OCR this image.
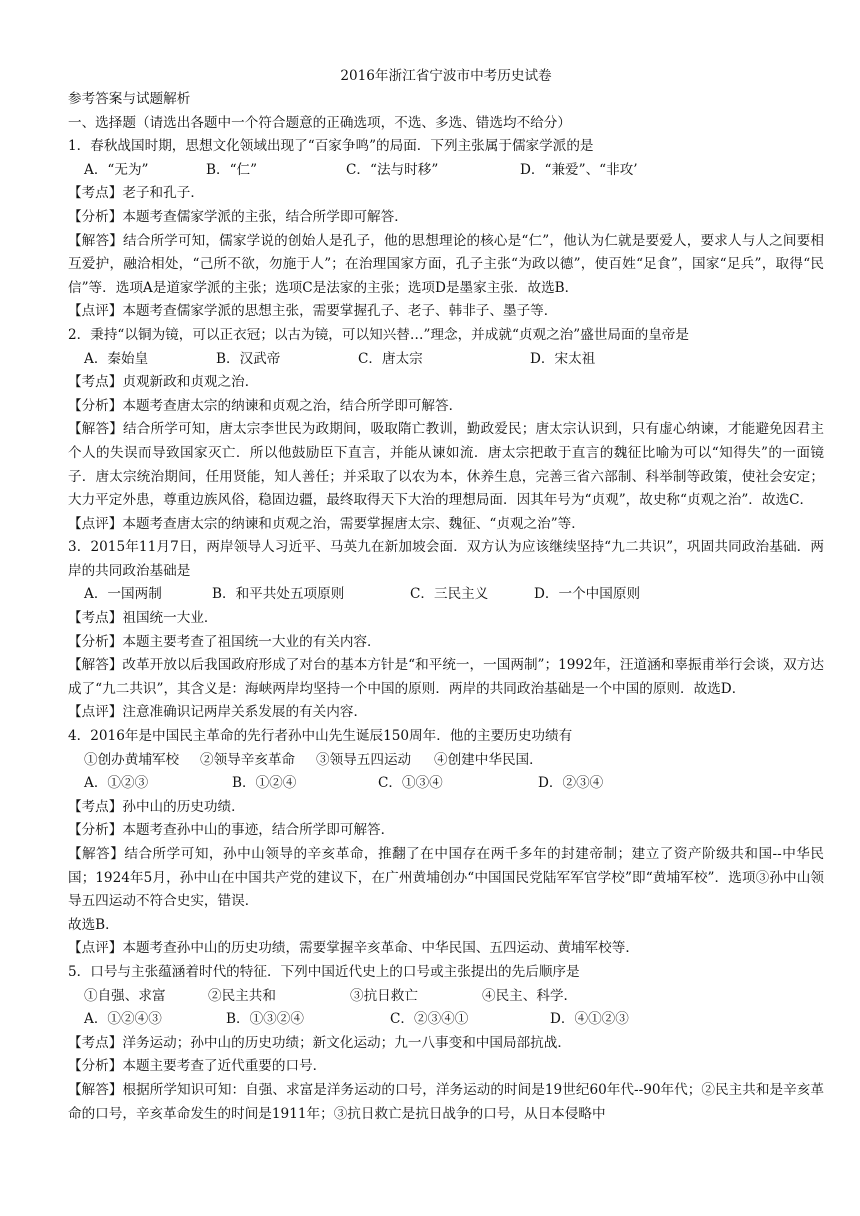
2016年浙江省宁波市中考历史试卷

参考答案与试题解析

一、选择题（请选出各题中一个符合题意的正确选项，不选、多选、错选均不给分）

1．春秋战国时期，思想文化领域出现了“百家争鸣”的局面．下列主张属于儒家学派的是

A．“无为”	B．“仁”	C．“法与时移”	D．“兼爱”、“非攻’

【考点】老子和孔子．

【分析】本题考查儒家学派的主张，结合所学即可解答．

【解答】结合所学可知，儒家学说的创始人是孔子，他的思想理论的核心是“仁”，他认为仁就是要爱人，要求人与人之间要相互爱护，融洽相处，“己所不欲，勿施于人”；在治理国家方面，孔子主张“为政以德”，使百姓“足食”，国家“足兵”，取得“民信”等．选项A是道家学派的主张；选项C是法家的主张；选项D是墨家主张．故选B．

【点评】本题考查儒家学派的思想主张，需要掌握孔子、老子、韩非子、墨子等．

2．秉持“以铜为镜，可以正衣冠；以古为镜，可以知兴替…”理念，并成就“贞观之治”盛世局面的皇帝是

A．秦始皇	B．汉武帝	C．唐太宗	D．宋太祖

【考点】贞观新政和贞观之治．

【分析】本题考查唐太宗的纳谏和贞观之治，结合所学即可解答．

【解答】结合所学可知，唐太宗李世民为政期间，吸取隋亡教训，勤政爱民；唐太宗认识到，只有虚心纳谏，才能避免因君主个人的失误而导致国家灭亡．所以他鼓励臣下直言，并能从谏如流．唐太宗把敢于直言的魏征比喻为可以“知得失”的一面镜子．唐太宗统治期间，任用贤能，知人善任；并采取了以农为本，休养生息，完善三省六部制、科举制等政策，使社会安定；大力平定外患，尊重边族风俗，稳固边疆，最终取得天下大治的理想局面．因其年号为“贞观”，故史称“贞观之治”．故选C．

【点评】本题考查唐太宗的纳谏和贞观之治，需要掌握唐太宗、魏征、“贞观之治”等．

3．2015年11月7日，两岸领导人习近平、马英九在新加坡会面．双方认为应该继续坚持“九二共识”，巩固共同政治基础．两岸的共同政治基础是

A．一国两制	B．和平共处五项原则	C．三民主义	D．一个中国原则

【考点】祖国统一大业．

【分析】本题主要考查了祖国统一大业的有关内容．

【解答】改革开放以后我国政府形成了对台的基本方针是“和平统一，一国两制”；1992年，汪道涵和辜振甫举行会谈，双方达成了“九二共识”，其含义是：海峡两岸均坚持一个中国的原则．两岸的共同政治基础是一个中国的原则．故选D．

【点评】注意准确识记两岸关系发展的有关内容．

4．2016年是中国民主革命的先行者孙中山先生诞辰150周年．他的主要历史功绩有

①创办黄埔军校	②领导辛亥革命	③领导五四运动	④创建中华民国．
A．①②③	B．①②④	C．①③④	D．②③④

【考点】孙中山的历史功绩．

【分析】本题考查孙中山的事迹，结合所学即可解答．

【解答】结合所学可知，孙中山领导的辛亥革命，推翻了在中国存在两千多年的封建帝制；建立了资产阶级共和国--中华民国；1924年5月，孙中山在中国共产党的建议下，在广州黄埔创办“中国国民党陆军军官学校”即“黄埔军校”．选项③孙中山领导五四运动不符合史实，错误．

故选B．

【点评】本题考查孙中山的历史功绩，需要掌握辛亥革命、中华民国、五四运动、黄埔军校等．

5．口号与主张蕴涵着时代的特征．下列中国近代史上的口号或主张提出的先后顺序是

①自强、求富	②民主共和	③抗日救亡	④民主、科学．
A．①②④③	B．①③②④	C．②③④①	D．④①②③

【考点】洋务运动；孙中山的历史功绩；新文化运动；九一八事变和中国局部抗战．

【分析】本题主要考查了近代重要的口号．

【解答】根据所学知识可知：自强、求富是洋务运动的口号，洋务运动的时间是19世纪60年代--90年代；②民主共和是辛亥革命的口号，辛亥革命发生的时间是1911年；③抗日救亡是抗日战争的口号，从日本侵略中
